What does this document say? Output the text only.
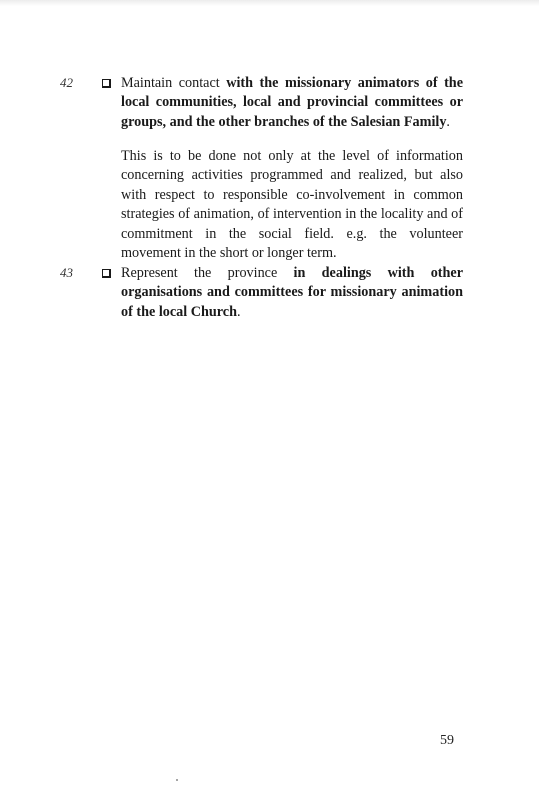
42	Maintain contact with the missionary animators of the local communities, local and provincial committees or groups, and the other branches of the Salesian Family.

This is to be done not only at the level of information concerning activities programmed and realized, but also with respect to responsible co-involvement in common strategies of animation, of intervention in the locality and of commitment in the social field. e.g. the volunteer movement in the short or longer term.

43	Represent the province in dealings with other organisations and committees for missionary animation of the local Church.

59
